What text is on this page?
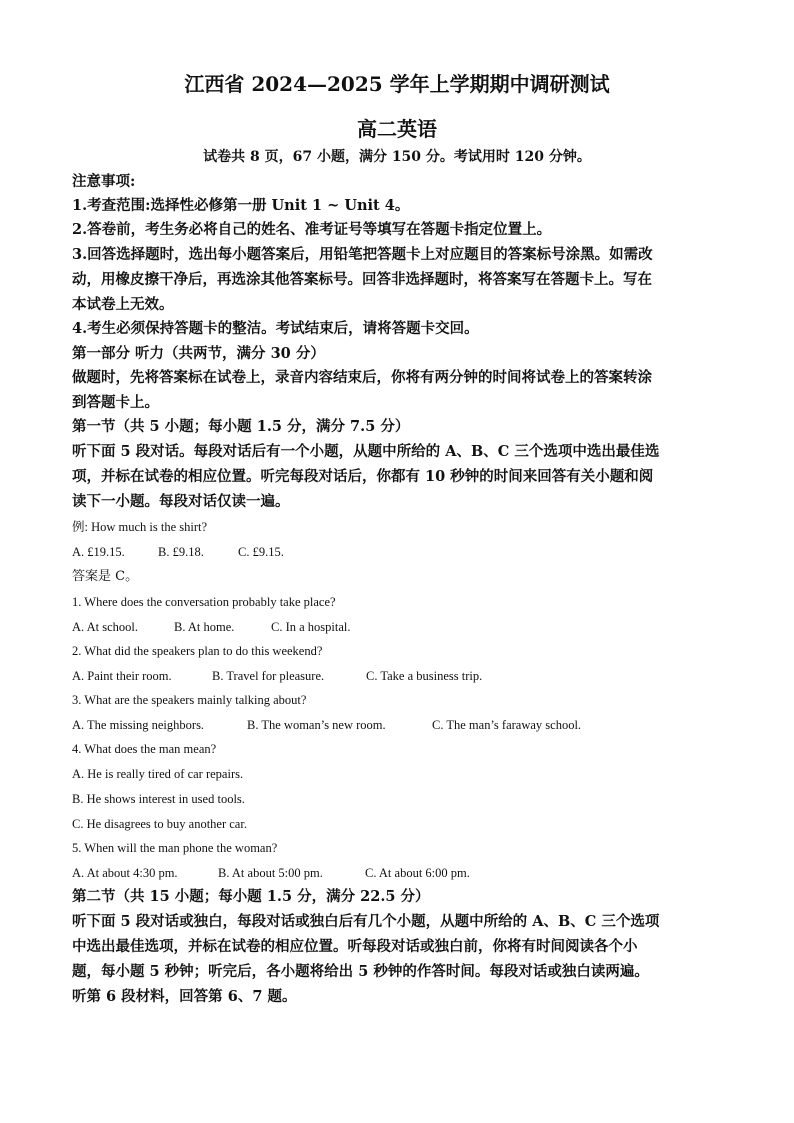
江西省 2024—2025 学年上学期期中调研测试
高二英语
试卷共 8 页，67 小题，满分 150 分。考试用时 120 分钟。
注意事项:
1.考查范围:选择性必修第一册 Unit 1 ~ Unit 4。
2.答卷前，考生务必将自己的姓名、准考证号等填写在答题卡指定位置上。
3.回答选择题时，选出每小题答案后，用铅笔把答题卡上对应题目的答案标号涂黑。如需改
动，用橡皮擦干净后，再选涂其他答案标号。回答非选择题时，将答案写在答题卡上。写在
本试卷上无效。
4.考生必须保持答题卡的整洁。考试结束后，请将答题卡交回。
第一部分 听力（共两节，满分 30 分）
做题时，先将答案标在试卷上，录音内容结束后，你将有两分钟的时间将试卷上的答案转涂
到答题卡上。
第一节（共 5 小题；每小题 1.5 分，满分 7.5 分）
听下面 5 段对话。每段对话后有一个小题，从题中所给的 A、B、C 三个选项中选出最佳选
项，并标在试卷的相应位置。听完每段对话后，你都有 10 秒钟的时间来回答有关小题和阅
读下一小题。每段对话仅读一遍。
例: How much is the shirt?
A. £19.15.	B. £9.18.	C. £9.15.
答案是 C。
1. Where does the conversation probably take place?
A. At school.	B. At home.	C. In a hospital.
2. What did the speakers plan to do this weekend?
A. Paint their room.	B. Travel for pleasure.	C. Take a business trip.
3. What are the speakers mainly talking about?
A. The missing neighbors.	B. The woman’s new room.	C. The man’s faraway school.
4. What does the man mean?
A. He is really tired of car repairs.
B. He shows interest in used tools.
C. He disagrees to buy another car.
5. When will the man phone the woman?
A. At about 4:30 pm.	B. At about 5:00 pm.	C. At about 6:00 pm.
第二节（共 15 小题；每小题 1.5 分，满分 22.5 分）
听下面 5 段对话或独白，每段对话或独白后有几个小题，从题中所给的 A、B、C 三个选项
中选出最佳选项，并标在试卷的相应位置。听每段对话或独白前，你将有时间阅读各个小
题，每小题 5 秒钟；听完后，各小题将给出 5 秒钟的作答时间。每段对话或独白读两遍。
听第 6 段材料，回答第 6、7 题。
